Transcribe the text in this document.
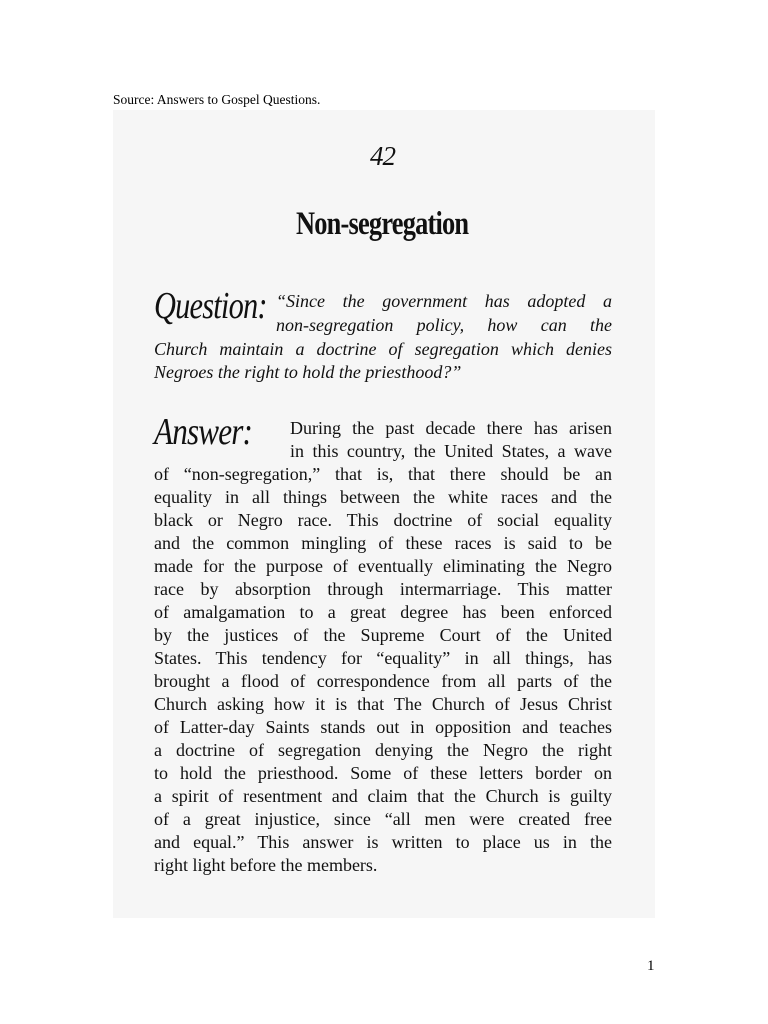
Source: Answers to Gospel Questions.
42
Non-segregation
Question: “Since the government has adopted a
non-segregation policy, how can the
Church maintain a doctrine of segregation which denies
Negroes the right to hold the priesthood?”
Answer: During the past decade there has arisen
in this country, the United States, a wave
of “non-segregation,” that is, that there should be an
equality in all things between the white races and the
black or Negro race. This doctrine of social equality
and the common mingling of these races is said to be
made for the purpose of eventually eliminating the Negro
race by absorption through intermarriage. This matter
of amalgamation to a great degree has been enforced
by the justices of the Supreme Court of the United
States. This tendency for “equality” in all things, has
brought a flood of correspondence from all parts of the
Church asking how it is that The Church of Jesus Christ
of Latter-day Saints stands out in opposition and teaches
a doctrine of segregation denying the Negro the right
to hold the priesthood. Some of these letters border on
a spirit of resentment and claim that the Church is guilty
of a great injustice, since “all men were created free
and equal.” This answer is written to place us in the
right light before the members.
1
